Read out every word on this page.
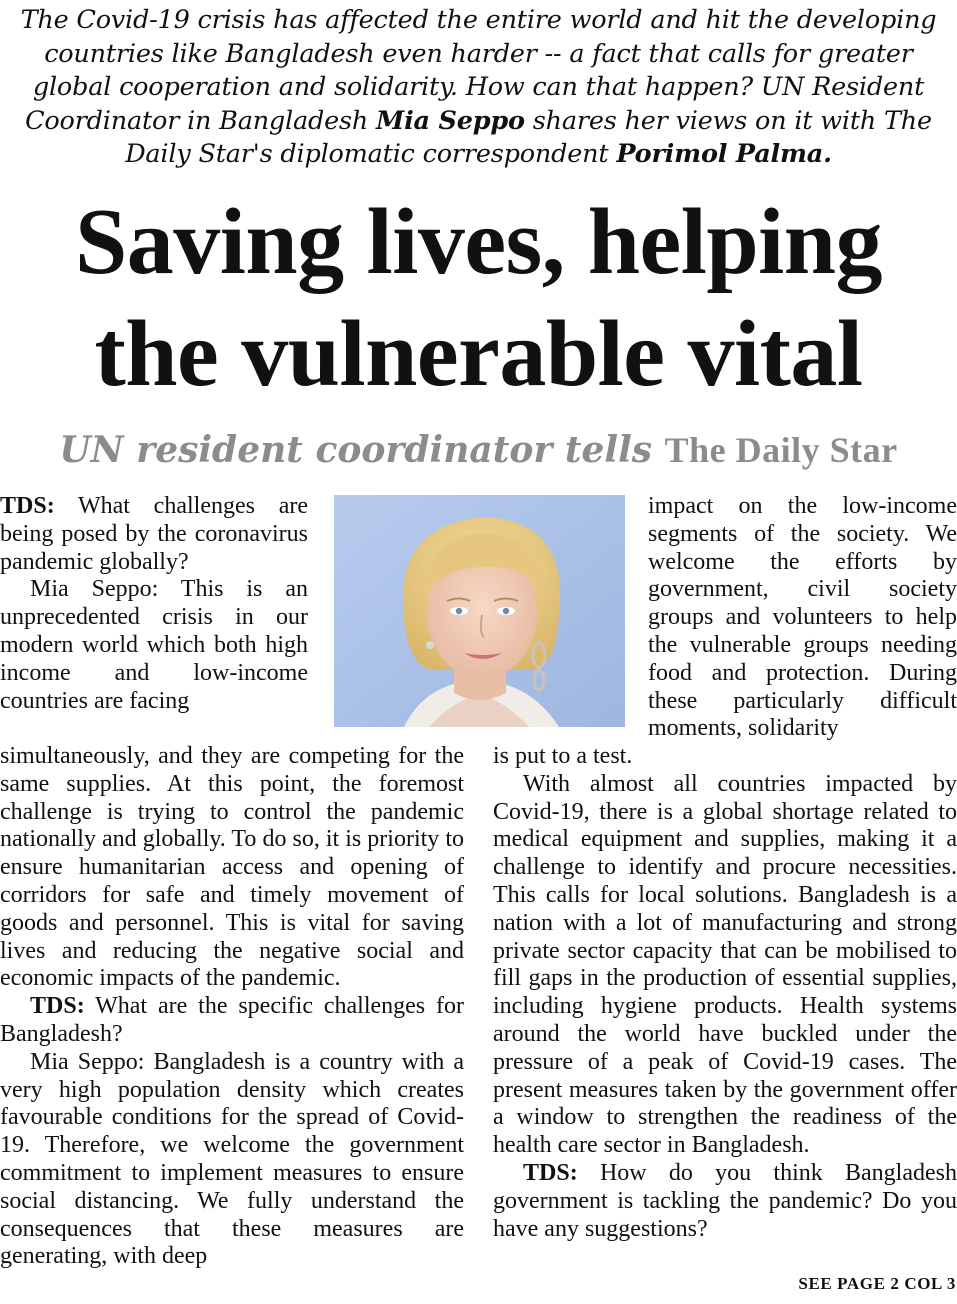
The Covid-19 crisis has affected the entire world and hit the developing countries like Bangladesh even harder -- a fact that calls for greater global cooperation and solidarity. How can that happen? UN Resident Coordinator in Bangladesh Mia Seppo shares her views on it with The Daily Star's diplomatic correspondent Porimol Palma.
Saving lives, helping
the vulnerable vital
UN resident coordinator tells The Daily Star

TDS: What challenges are being posed by the coronavirus pandemic globally?

Mia Seppo: This is an unprecedented crisis in our modern world which both high income and low-income countries are facing

simultaneously, and they are competing for the same supplies. At this point, the foremost challenge is trying to control the pandemic nationally and globally. To do so, it is priority to ensure humanitarian access and opening of corridors for safe and timely movement of goods and personnel. This is vital for saving lives and reducing the negative social and economic impacts of the pandemic.

TDS: What are the specific challenges for Bangladesh?

Mia Seppo: Bangladesh is a country with a very high population density which creates favourable conditions for the spread of Covid-19. Therefore, we welcome the government commitment to implement measures to ensure social distancing. We fully understand the consequences that these measures are generating, with deep

impact on the low-income segments of the society. We welcome the efforts by government, civil society groups and volunteers to help the vulnerable groups needing food and protection. During these particularly difficult moments, solidarity

is put to a test.

With almost all countries impacted by Covid-19, there is a global shortage related to medical equipment and supplies, making it a challenge to identify and procure necessities. This calls for local solutions. Bangladesh is a nation with a lot of manufacturing and strong private sector capacity that can be mobilised to fill gaps in the production of essential supplies, including hygiene products. Health systems around the world have buckled under the pressure of a peak of Covid-19 cases. The present measures taken by the government offer a window to strengthen the readiness of the health care sector in Bangladesh.

TDS: How do you think Bangladesh government is tackling the pandemic? Do you have any suggestions?

SEE PAGE 2 COL 3
